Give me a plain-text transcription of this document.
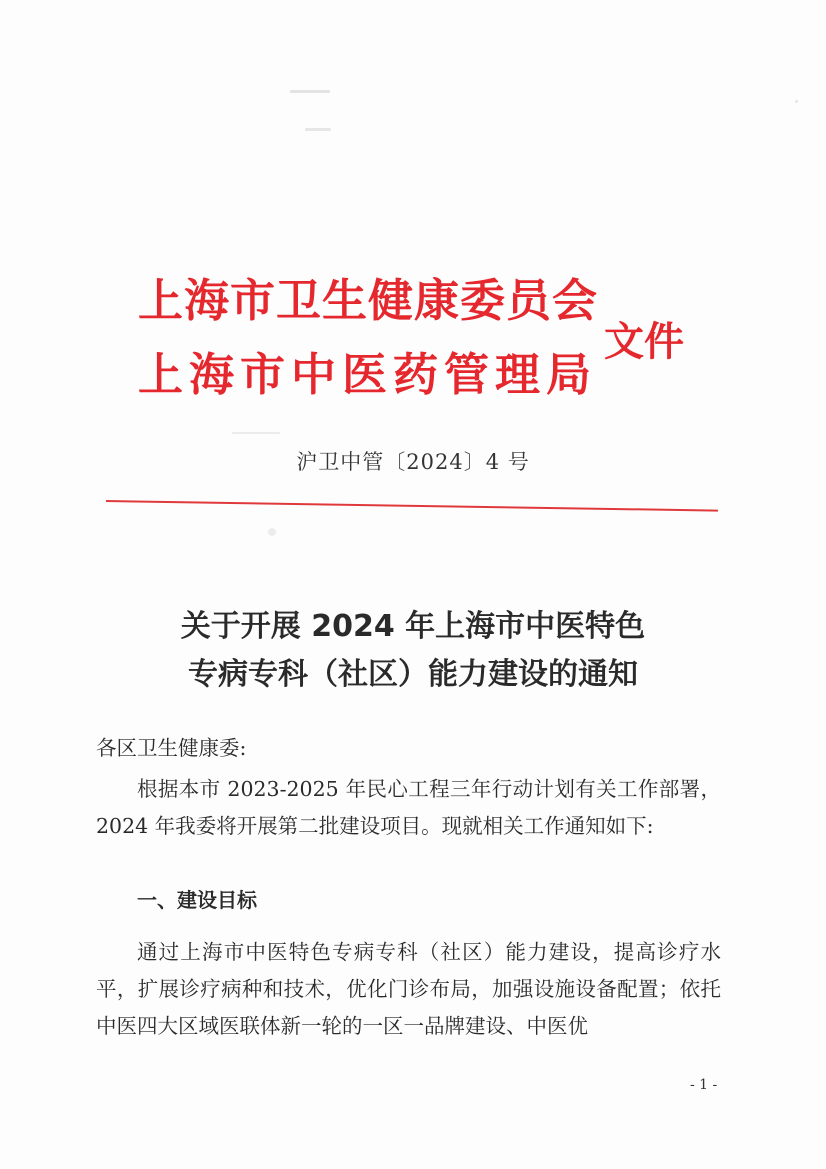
上海市卫生健康委员会
上海市中医药管理局
文件
沪卫中管〔2024〕4 号
关于开展 2024 年上海市中医特色
专病专科（社区）能力建设的通知
各区卫生健康委:
根据本市 2023-2025 年民心工程三年行动计划有关工作部署，2024 年我委将开展第二批建设项目。现就相关工作通知如下:
一、建设目标
通过上海市中医特色专病专科（社区）能力建设，提高诊疗水平，扩展诊疗病种和技术，优化门诊布局，加强设施设备配置；依托中医四大区域医联体新一轮的一区一品牌建设、中医优
- 1 -
